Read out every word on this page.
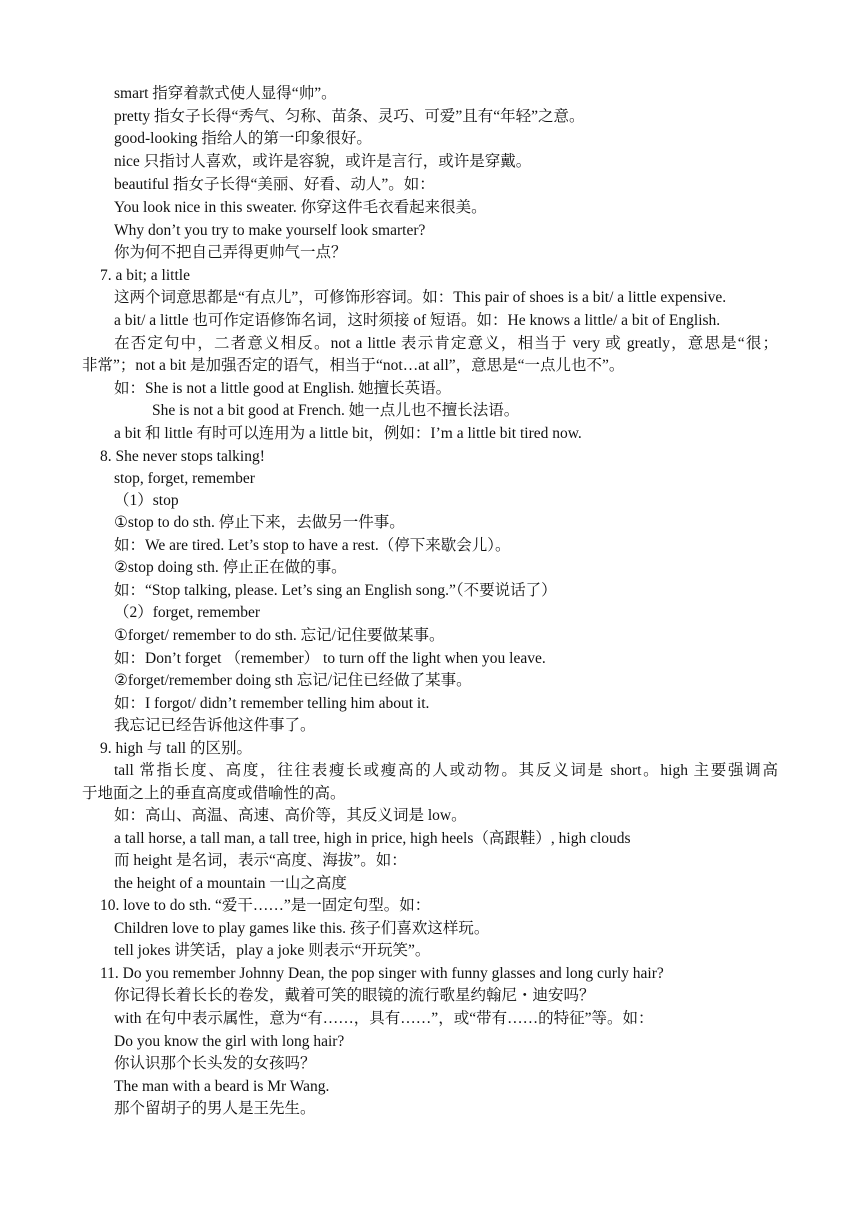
smart 指穿着款式使人显得“帅”。
pretty 指女子长得“秀气、匀称、苗条、灵巧、可爱”且有“年轻”之意。
good-looking 指给人的第一印象很好。
nice 只指讨人喜欢，或许是容貌，或许是言行，或许是穿戴。
beautiful 指女子长得“美丽、好看、动人”。如：
You look nice in this sweater. 你穿这件毛衣看起来很美。
Why don’t you try to make yourself look smarter?
你为何不把自己弄得更帅气一点？
7. a bit; a little
这两个词意思都是“有点儿”，可修饰形容词。如：This pair of shoes is a bit/ a little expensive.
a bit/ a little 也可作定语修饰名词，这时须接 of 短语。如：He knows a little/ a bit of English.
在否定句中，二者意义相反。not a little 表示肯定意义，相当于 very 或 greatly，意思是“很；
非常”；not a bit 是加强否定的语气，相当于“not…at all”，意思是“一点儿也不”。
如：She is not a little good at English. 她擅长英语。
She is not a bit good at French. 她一点儿也不擅长法语。
a bit 和 little 有时可以连用为 a little bit，例如：I’m a little bit tired now.
8. She never stops talking!
stop, forget, remember
（1）stop
①stop to do sth. 停止下来，去做另一件事。
如：We are tired. Let’s stop to have a rest.（停下来歇会儿）。
②stop doing sth. 停止正在做的事。
如：“Stop talking, please. Let’s sing an English song.”（不要说话了）
（2）forget, remember
①forget/ remember to do sth. 忘记/记住要做某事。
如：Don’t forget （remember） to turn off the light when you leave.
②forget/remember doing sth 忘记/记住已经做了某事。
如：I forgot/ didn’t remember telling him about it.
我忘记已经告诉他这件事了。
9. high 与 tall 的区别。
tall 常指长度、高度，往往表瘦长或瘦高的人或动物。其反义词是 short。high 主要强调高
于地面之上的垂直高度或借喻性的高。
如：高山、高温、高速、高价等，其反义词是 low。
a tall horse, a tall man, a tall tree, high in price, high heels（高跟鞋）, high clouds
而 height 是名词，表示“高度、海拔”。如：
the height of a mountain 一山之高度
10. love to do sth. “爱干……”是一固定句型。如：
Children love to play games like this. 孩子们喜欢这样玩。
tell jokes 讲笑话，play a joke 则表示“开玩笑”。
11. Do you remember Johnny Dean, the pop singer with funny glasses and long curly hair?
你记得长着长长的卷发，戴着可笑的眼镜的流行歌星约翰尼・迪安吗？
with 在句中表示属性，意为“有……，具有……”，或“带有……的特征”等。如：
Do you know the girl with long hair?
你认识那个长头发的女孩吗？
The man with a beard is Mr Wang.
那个留胡子的男人是王先生。
